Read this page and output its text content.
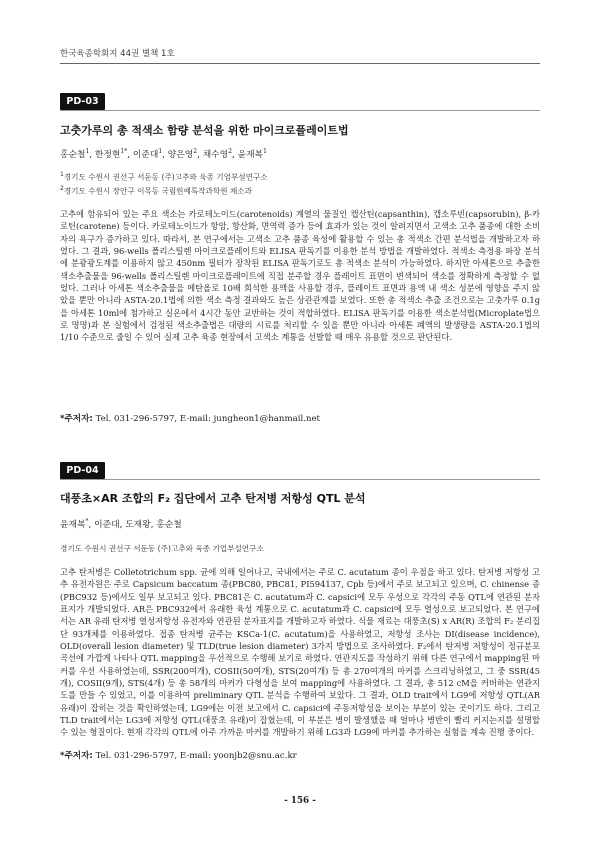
한국육종학회지 44권 별책 1호
PD-03
고춧가루의 총 적색소 함량 분석을 위한 마이크로플레이트법
홍순철$^1$, 한정현$^{1*}$, 이준대$^1$, 양은영$^2$, 채수영$^2$, 윤재복$^1$
$^1$경기도 수원시 권선구 서둔동 (주)고추와 육종 기업부설연구소
$^2$경기도 수원시 장안구 이목동 국립원예특작과학원 채소과
고추에 함유되어 있는 주요 색소는 카로테노이드(carotenoids) 계열의 물질인 캡산틴(capsanthin), 캡소루빈(capsorubin), β-카로틴(carotene) 등이다. 카로테노이드가 항암, 항산화, 면역력 증가 등에 효과가 있는 것이 알려지면서 고색소 고추 품종에 대한 소비자의 욕구가 증가하고 있다. 따라서, 본 연구에서는 고색소 고추 품종 육성에 활용할 수 있는 총 적색소 간편 분석법을 개발하고자 하였다. 그 결과, 96-wells 폴리스틸렌 마이크로플레이트와 ELISA 판독기를 이용한 분석 방법을 개발하였다. 적색소 측정용 파장 분석에 분광광도계를 이용하지 않고 450nm 필터가 장착된 ELISA 판독기로도 총 적색소 분석이 가능하였다. 하지만 아세톤으로 추출한 색소추출물을 96-wells 폴리스틸렌 마이크로플레이트에 직접 분주할 경우 플레이트 표면이 변색되어 색소를 정확하게 측정할 수 없었다. 그러나 아세톤 색소추출물을 메탄올로 10배 희석한 용액을 사용할 경우, 플레이트 표면과 용액 내 색소 성분에 영향을 주지 않았을 뿐만 아니라 ASTA-20.1법에 의한 색소 측정 결과와도 높은 상관관계를 보였다. 또한 총 적색소 추출 조건으로는 고춧가루 0.1g을 아세톤 10ml에 첨가하고 실온에서 4시간 동안 교반하는 것이 적합하였다. ELISA 판독기를 이용한 색소분석법(Microplate법으로 명명)과 본 실험에서 검정된 색소추출법은 대량의 시료를 처리할 수 있을 뿐만 아니라 아세톤 폐액의 발생량을 ASTA-20.1법의 1/10 수준으로 줄일 수 있어 실제 고추 육종 현장에서 고색소 계통을 선발할 때 매우 유용할 것으로 판단된다.
*주저자: Tel. 031-296-5797, E-mail: jungheon1@hanmail.net
PD-04
대풍초×AR 조합의 F₂ 집단에서 고추 탄저병 저항성 QTL 분석
윤재복*, 이준대, 도재왕, 홍순철
경기도 수원시 권선구 서둔동 (주)고추와 육종 기업부설연구소
고추 탄저병은 Colletotrichum spp. 균에 의해 일어나고, 국내에서는 주로 C. acutatum 종이 우점을 하고 있다. 탄저병 저항성 고추 유전자원은 주로 Capsicum baccatum 종(PBC80, PBC81, PI594137, Cpb 등)에서 주로 보고되고 있으며, C. chinense 종(PBC932 등)에서도 일부 보고되고 있다. PBC81은 C. acutatum과 C. capsici에 모두 우성으로 각각의 주동 QTL에 연관된 분자표지가 개발되었다. AR은 PBC932에서 유래한 육성 계통으로 C. acutatum과 C. capsici에 모두 열성으로 보고되었다. 본 연구에서는 AR 유래 탄저병 열성저항성 유전자와 연관된 분자표지를 개발하고자 하였다. 식물 재료는 대풍초(S) x AR(R) 조합의 F₂ 분리집단 93개체를 이용하였다. 접종 탄저병 균주는 KSCa-1(C. acutatum)을 사용하였고, 저항성 조사는 DI(disease incidence), OLD(overall lesion diameter) 및 TLD(true lesion diameter) 3가지 방법으로 조사하였다. F₂에서 탄저병 저항성이 정규분포곡선에 가깝게 나타나 QTL mapping을 우선적으로 수행해 보기로 하였다. 연관지도를 작성하기 위해 다른 연구에서 mapping된 마커를 우선 사용하였는데, SSR(200여개), COSII(50여개), STS(20여개) 등 총 270여개의 마커를 스크리닝하였고, 그 중 SSR(45개), COSII(9개), STS(4개) 등 총 58개의 마커가 다형성을 보여 mapping에 사용하였다. 그 결과, 총 512 cM을 커버하는 연관지도를 만들 수 있었고, 이를 이용하여 preliminary QTL 분석을 수행하여 보았다. 그 결과, OLD trait에서 LG9에 저항성 QTL(AR 유래)이 잡히는 것을 확인하였는데, LG9에는 이전 보고에서 C. capsici에 주동저항성을 보이는 부분이 있는 곳이기도 하다. 그리고 TLD trait에서는 LG3에 저항성 QTL(대풍초 유래)이 잡혔는데, 이 부분은 병이 발생했을 때 얼마나 병반이 빨리 커지는지를 설명할 수 있는 형질이다. 현재 각각의 QTL에 아주 가까운 마커를 개발하기 위해 LG3과 LG9에 마커를 추가하는 실험을 계속 진행 중이다.
*주저자: Tel. 031-296-5797, E-mail: yoonjb2@snu.ac.kr
- 156 -
